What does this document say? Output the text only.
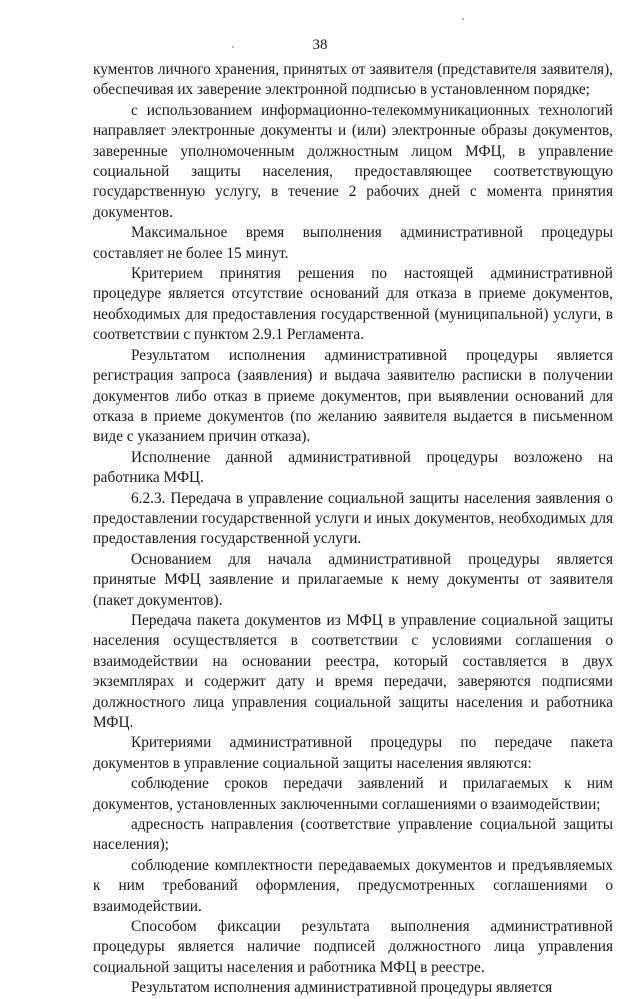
38

кументов личного хранения, принятых от заявителя (представителя заявителя), обеспечивая их заверение электронной подписью в установленном порядке;

с использованием информационно-телекоммуникационных технологий направляет электронные документы и (или) электронные образы документов, заверенные уполномоченным должностным лицом МФЦ, в управление социальной защиты населения, предоставляющее соответствующую государственную услугу, в течение 2 рабочих дней с момента принятия документов.

Максимальное время выполнения административной процедуры составляет не более 15 минут.

Критерием принятия решения по настоящей административной процедуре является отсутствие оснований для отказа в приеме документов, необходимых для предоставления государственной (муниципальной) услуги, в соответствии с пунктом 2.9.1 Регламента.

Результатом исполнения административной процедуры является регистрация запроса (заявления) и выдача заявителю расписки в получении документов либо отказ в приеме документов, при выявлении оснований для отказа в приеме документов (по желанию заявителя выдается в письменном виде с указанием причин отказа).

Исполнение данной административной процедуры возложено на работника МФЦ.

6.2.3. Передача в управление социальной защиты населения заявления о предоставлении государственной услуги и иных документов, необходимых для предоставления государственной услуги.

Основанием для начала административной процедуры является принятые МФЦ заявление и прилагаемые к нему документы от заявителя (пакет документов).

Передача пакета документов из МФЦ в управление социальной защиты населения осуществляется в соответствии с условиями соглашения о взаимодействии на основании реестра, который составляется в двух экземплярах и содержит дату и время передачи, заверяются подписями должностного лица управления социальной защиты населения и работника МФЦ.

Критериями административной процедуры по передаче пакета документов в управление социальной защиты населения являются:

соблюдение сроков передачи заявлений и прилагаемых к ним документов, установленных заключенными соглашениями о взаимодействии;

адресность направления (соответствие управление социальной защиты населения);

соблюдение комплектности передаваемых документов и предъявляемых к ним требований оформления, предусмотренных соглашениями о взаимодействии.

Способом фиксации результата выполнения административной процедуры является наличие подписей должностного лица управления социальной защиты населения и работника МФЦ в реестре.

Результатом исполнения административной процедуры является
